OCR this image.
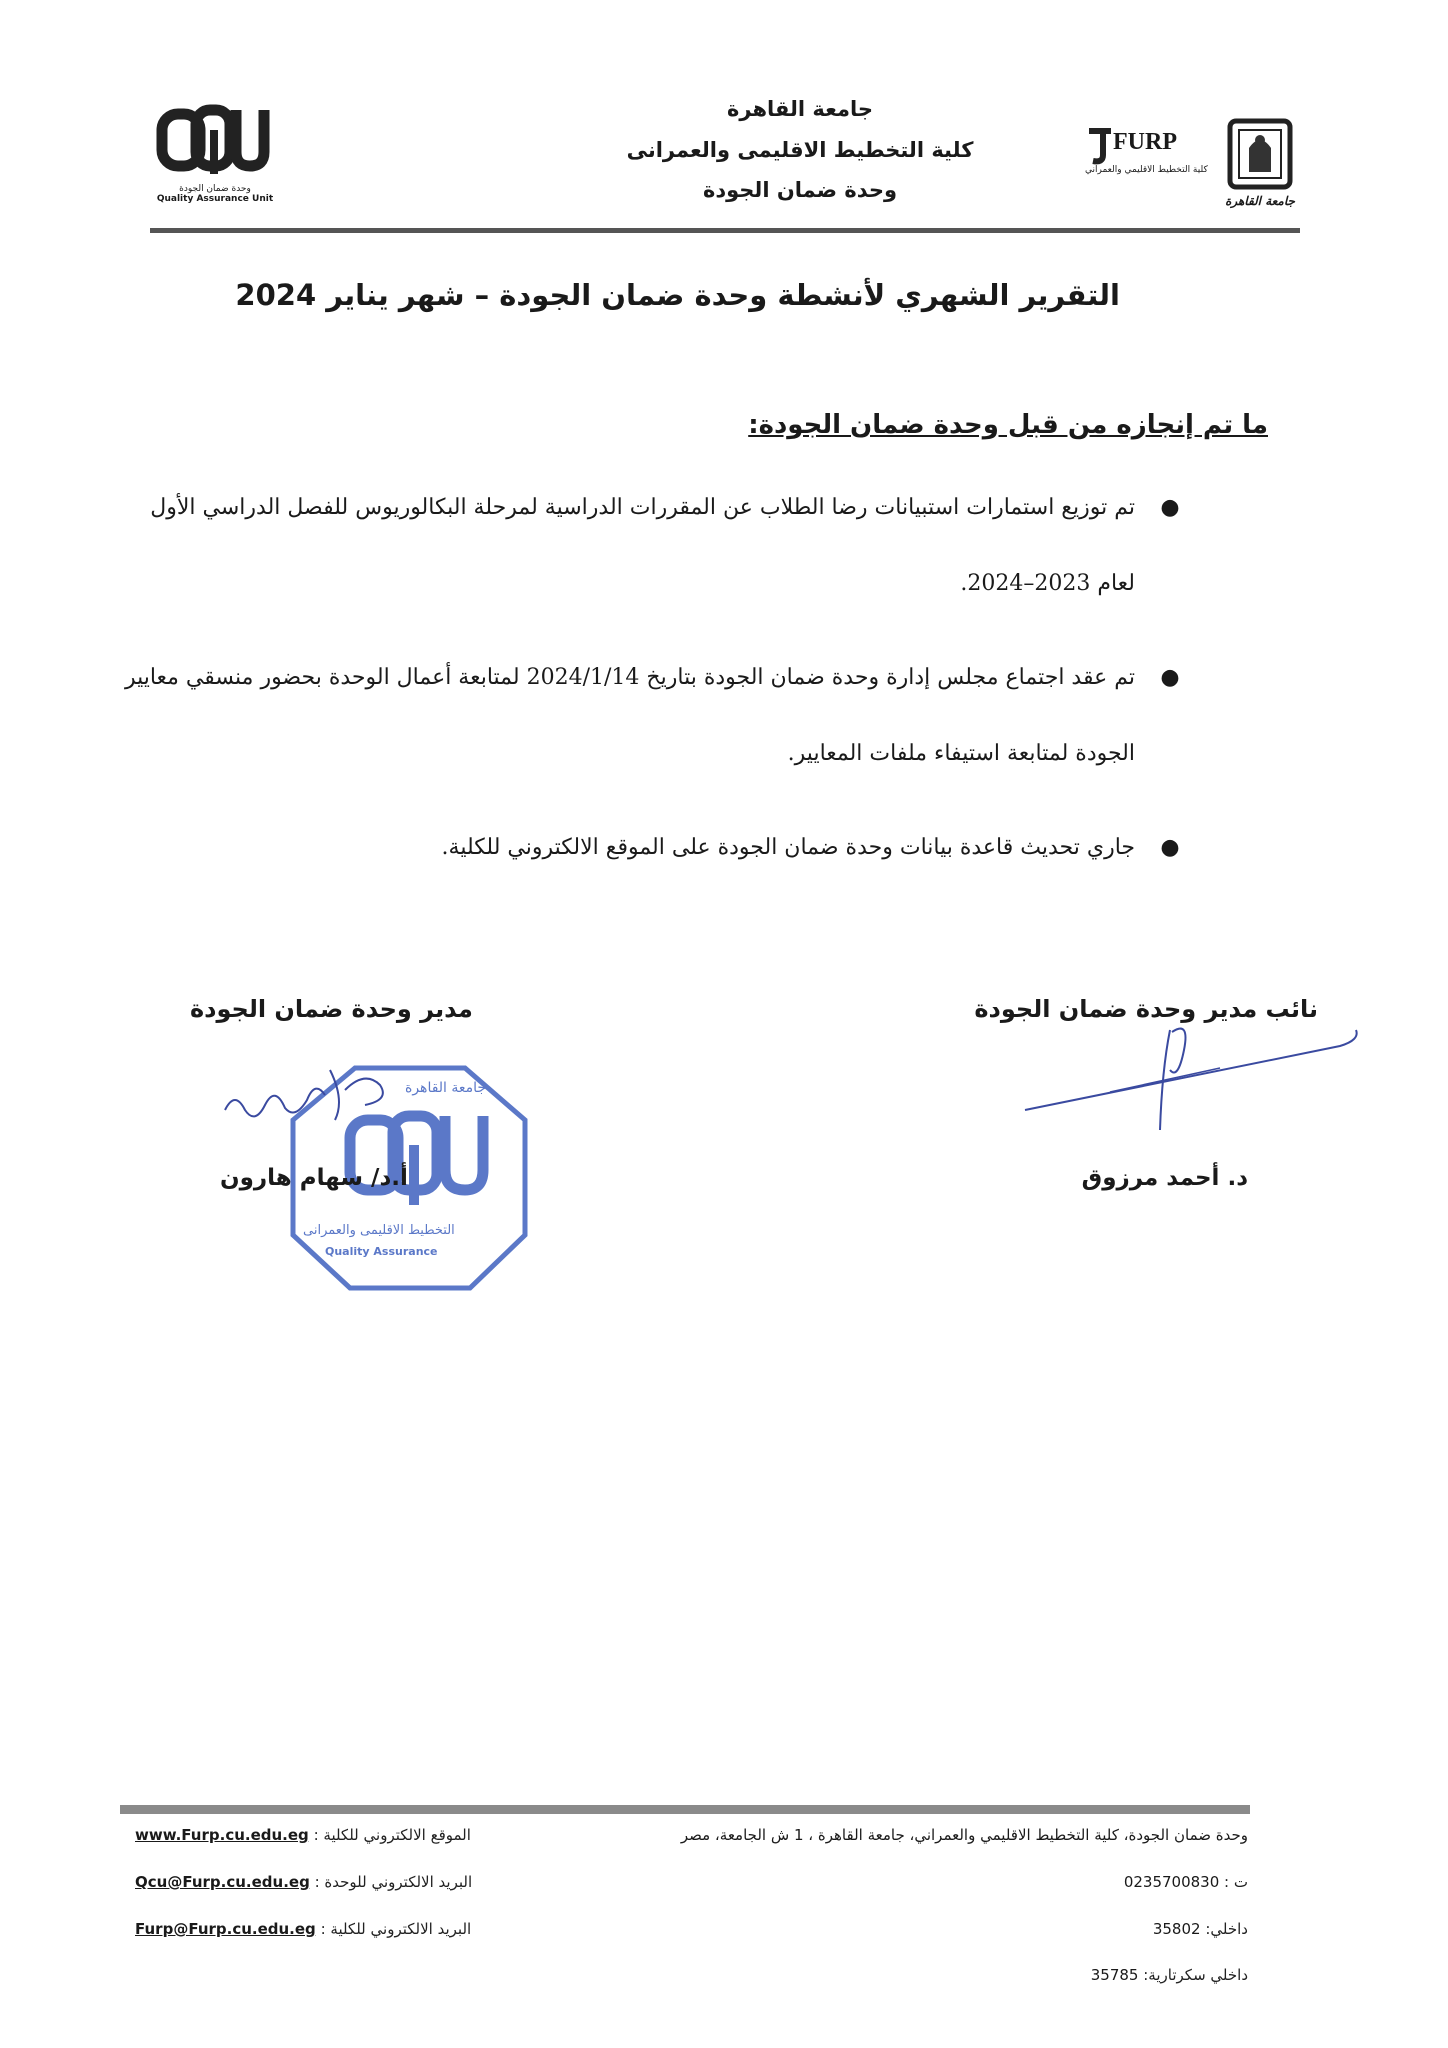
وحدة ضمان الجودة
Quality Assurance Unit
جامعة القاهرة
كلية التخطيط الاقليمى والعمرانى
وحدة ضمان الجودة
FURP
كلية التخطيط الاقليمي والعمراني
جامعة القاهرة
التقرير الشهري لأنشطة وحدة ضمان الجودة – شهر يناير 2024
ما تم إنجازه من قبل وحدة ضمان الجودة:
●
تم توزيع استمارات استبيانات رضا الطلاب عن المقررات الدراسية لمرحلة البكالوريوس للفصل الدراسي الأول لعام 2023–2024.
●
تم عقد اجتماع مجلس إدارة وحدة ضمان الجودة بتاريخ 2024/1/14 لمتابعة أعمال الوحدة بحضور منسقي معايير الجودة لمتابعة استيفاء ملفات المعايير.
●
جاري تحديث قاعدة بيانات وحدة ضمان الجودة على الموقع الالكتروني للكلية.
نائب مدير وحدة ضمان الجودة
د. أحمد مرزوق
مدير وحدة ضمان الجودة
جامعة القاهرة
التخطيط الاقليمى والعمرانى
Quality Assurance
أ.د/ سهام هارون
وحدة ضمان الجودة، كلية التخطيط الاقليمي والعمراني، جامعة القاهرة ، 1 ش الجامعة، مصر
ت : 0235700830
داخلي: 35802
داخلي سكرتارية: 35785
الموقع الالكتروني للكلية : www.Furp.cu.edu.eg
البريد الالكتروني للوحدة : Qcu@Furp.cu.edu.eg
البريد الالكتروني للكلية : Furp@Furp.cu.edu.eg
